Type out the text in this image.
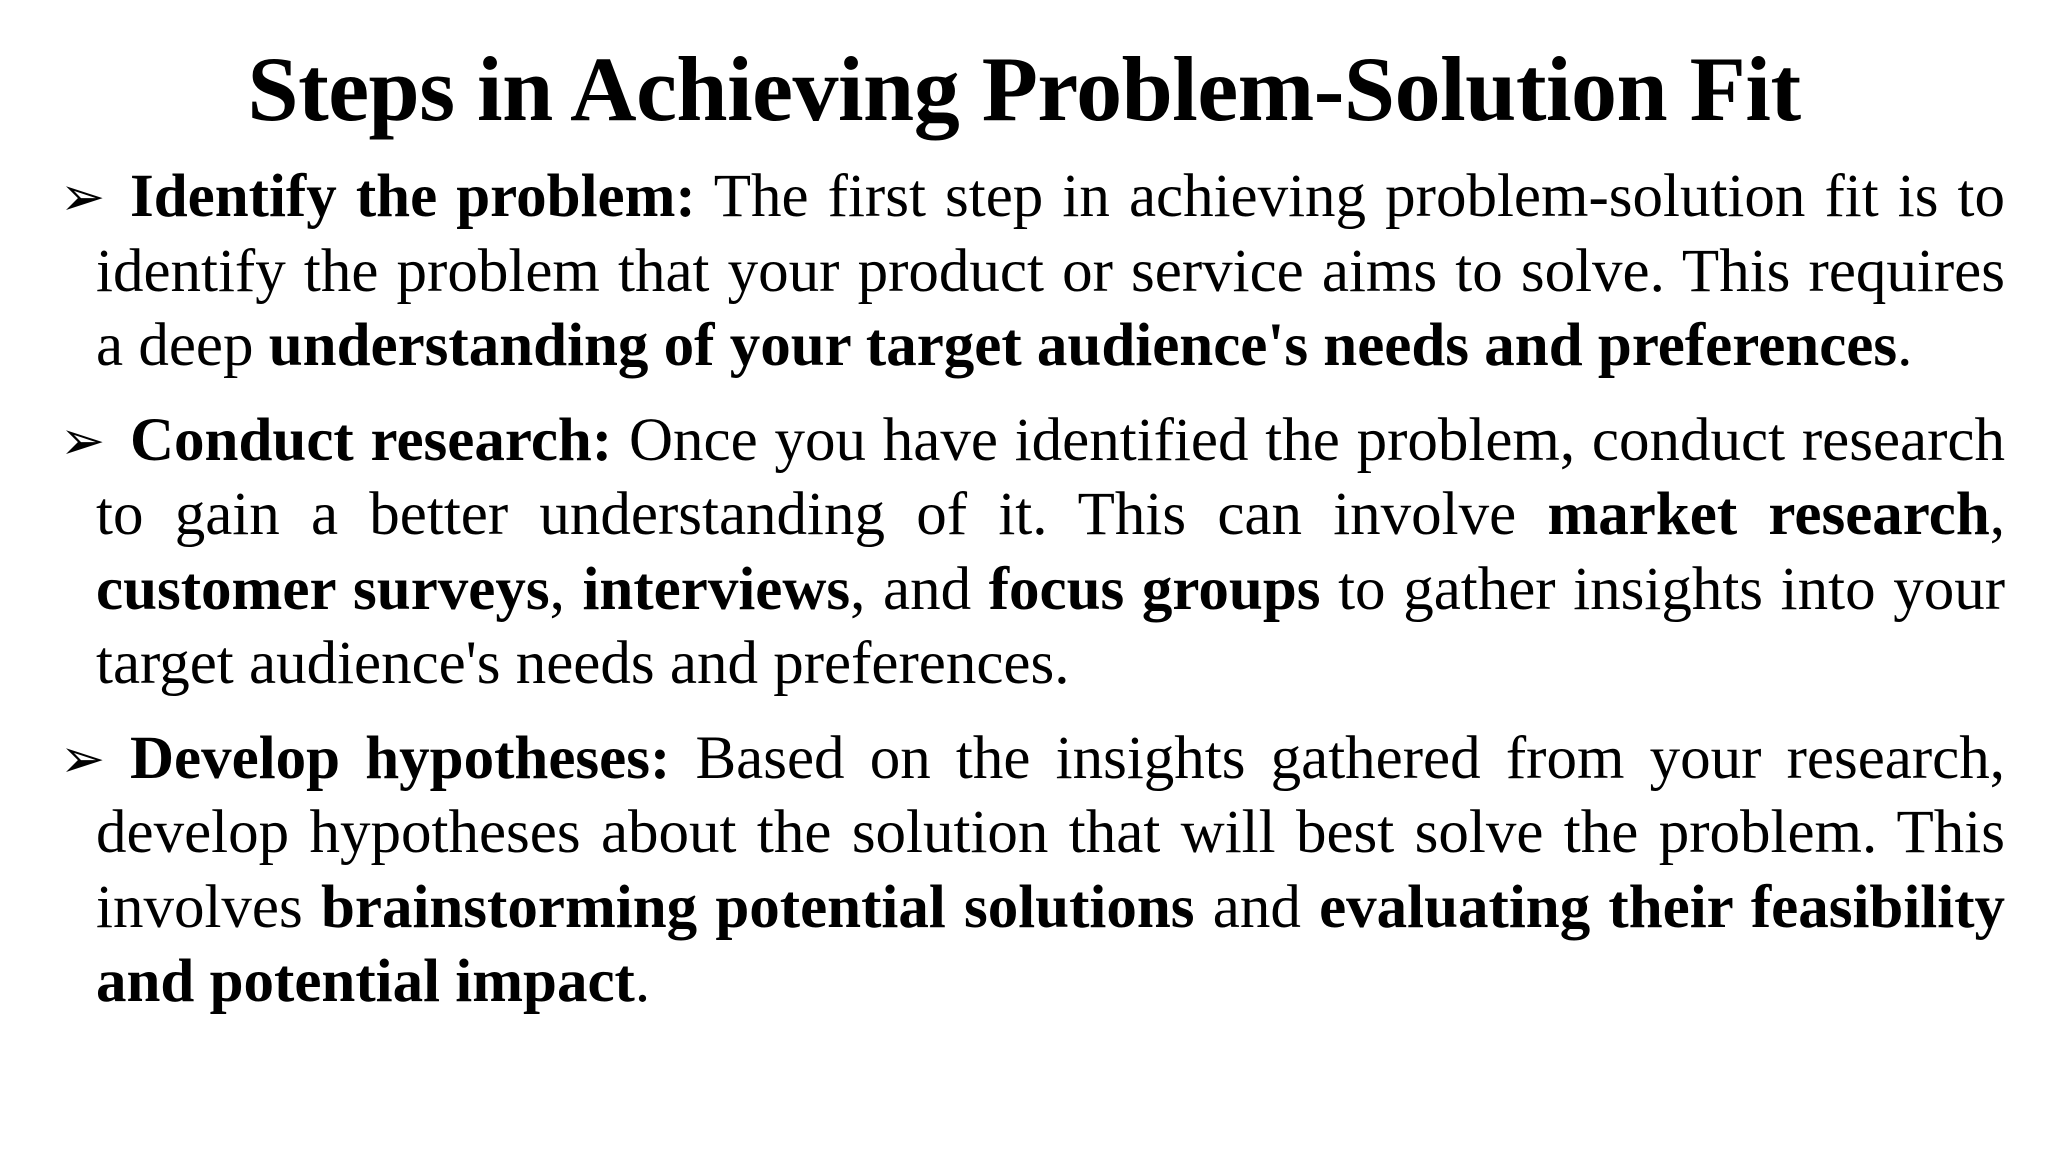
Steps in Achieving Problem-Solution Fit
➢ Identify the problem: The first step in achieving problem-solution fit is to identify the problem that your product or service aims to solve. This requires a deep understanding of your target audience's needs and preferences.
➢ Conduct research: Once you have identified the problem, conduct research to gain a better understanding of it. This can involve market research, customer surveys, interviews, and focus groups to gather insights into your target audience's needs and preferences.
➢ Develop hypotheses: Based on the insights gathered from your research, develop hypotheses about the solution that will best solve the problem. This involves brainstorming potential solutions and evaluating their feasibility and potential impact.
